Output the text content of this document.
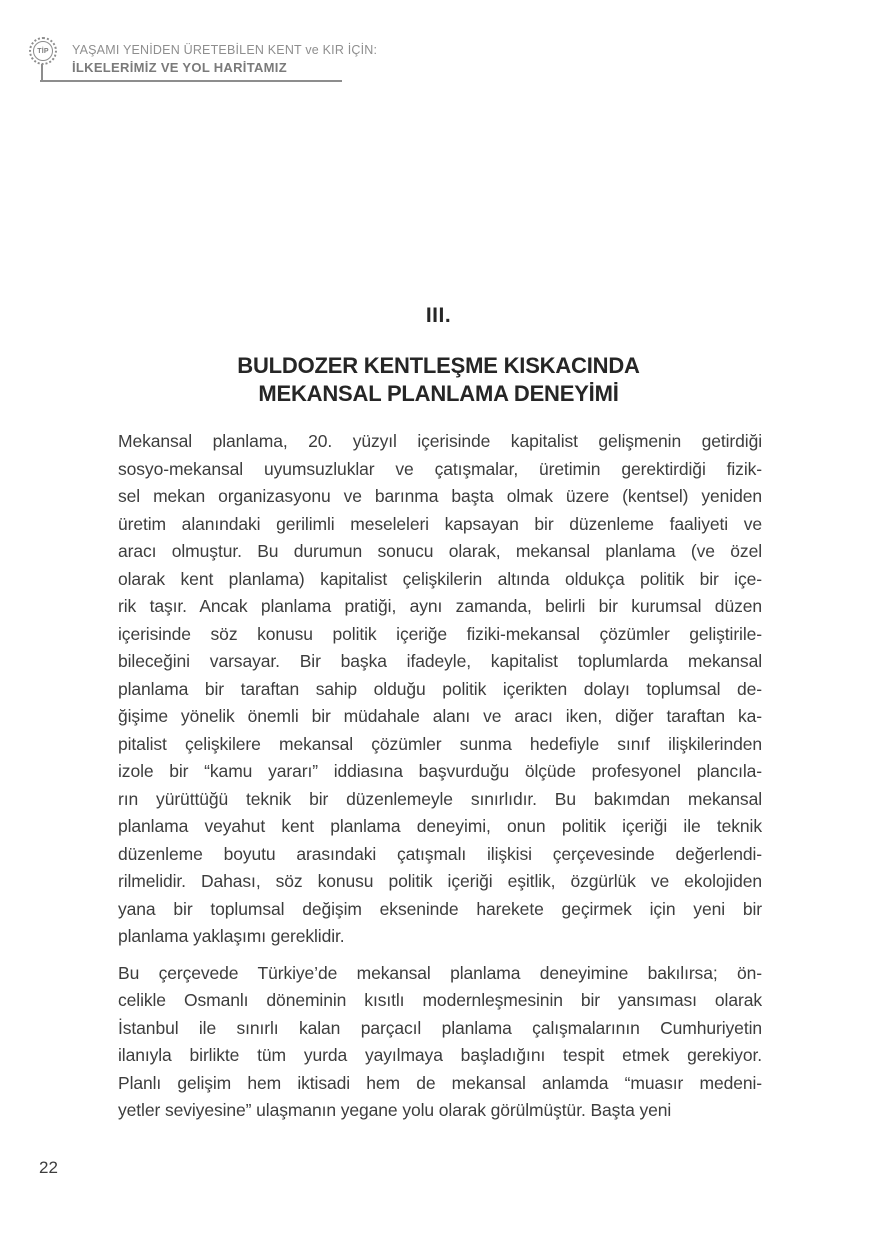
TİP	YAŞAMI YENİDEN ÜRETEBİLEN KENT ve KIR İÇİN:
İLKELERİMİZ VE YOL HARİTAMIZ
III.
BULDOZER KENTLEŞME KISKACINDA
MEKANSAL PLANLAMA DENEYİMİ
Mekansal planlama, 20. yüzyıl içerisinde kapitalist gelişmenin getirdiği
sosyo-mekansal uyumsuzluklar ve çatışmalar, üretimin gerektirdiği fizik-
sel mekan organizasyonu ve barınma başta olmak üzere (kentsel) yeniden
üretim alanındaki gerilimli meseleleri kapsayan bir düzenleme faaliyeti ve
aracı olmuştur. Bu durumun sonucu olarak, mekansal planlama (ve özel
olarak kent planlama) kapitalist çelişkilerin altında oldukça politik bir içe-
rik taşır. Ancak planlama pratiği, aynı zamanda, belirli bir kurumsal düzen
içerisinde söz konusu politik içeriğe fiziki-mekansal çözümler geliştirile-
bileceğini varsayar. Bir başka ifadeyle, kapitalist toplumlarda mekansal
planlama bir taraftan sahip olduğu politik içerikten dolayı toplumsal de-
ğişime yönelik önemli bir müdahale alanı ve aracı iken, diğer taraftan ka-
pitalist çelişkilere mekansal çözümler sunma hedefiyle sınıf ilişkilerinden
izole bir “kamu yararı” iddiasına başvurduğu ölçüde profesyonel plancıla-
rın yürüttüğü teknik bir düzenlemeyle sınırlıdır. Bu bakımdan mekansal
planlama veyahut kent planlama deneyimi, onun politik içeriği ile teknik
düzenleme boyutu arasındaki çatışmalı ilişkisi çerçevesinde değerlendi-
rilmelidir. Dahası, söz konusu politik içeriği eşitlik, özgürlük ve ekolojiden
yana bir toplumsal değişim ekseninde harekete geçirmek için yeni bir
planlama yaklaşımı gereklidir.
Bu çerçevede Türkiye’de mekansal planlama deneyimine bakılırsa; ön-
celikle Osmanlı döneminin kısıtlı modernleşmesinin bir yansıması olarak
İstanbul ile sınırlı kalan parçacıl planlama çalışmalarının Cumhuriyetin
ilanıyla birlikte tüm yurda yayılmaya başladığını tespit etmek gerekiyor.
Planlı gelişim hem iktisadi hem de mekansal anlamda “muasır medeni-
yetler seviyesine” ulaşmanın yegane yolu olarak görülmüştür. Başta yeni
22
